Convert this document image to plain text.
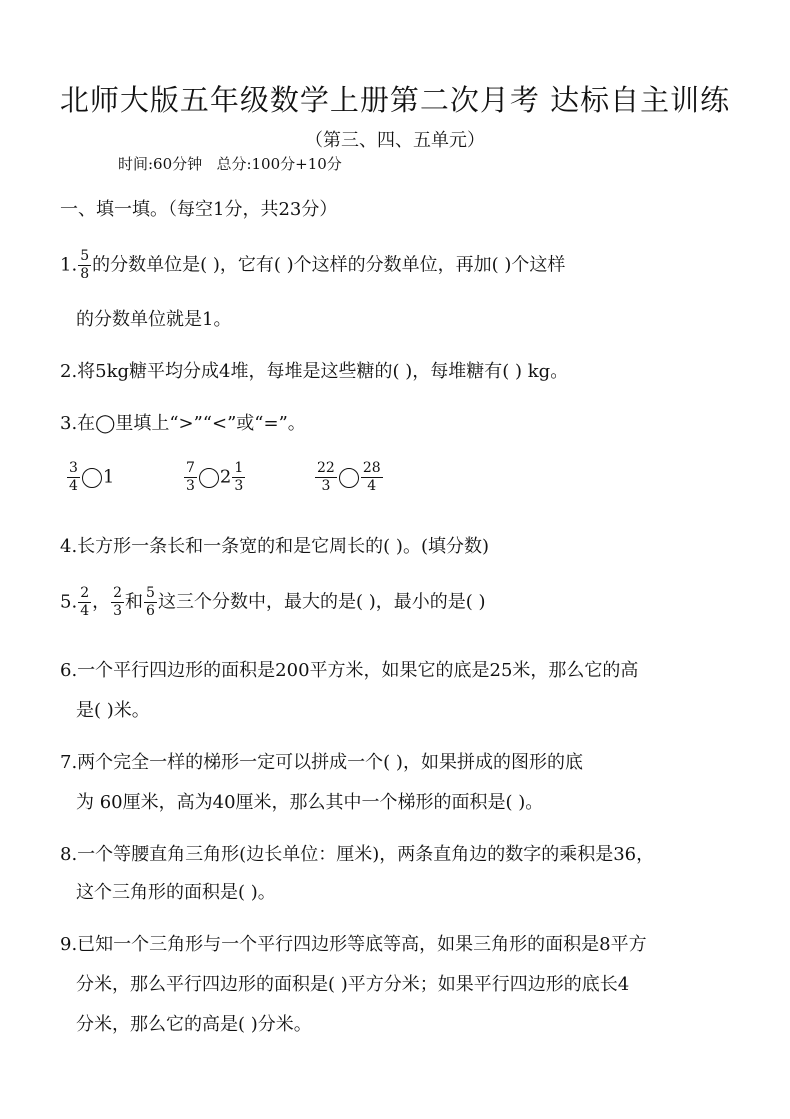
北师大版五年级数学上册第二次月考 达标自主训练
（第三、四、五单元）
时间:60分钟   总分:100分+10分
一、填一填。（每空1分，共23分）
1. $\frac{5}{8}$ 的分数单位是( )，它有( )个这样的分数单位，再加( )个这样
的分数单位就是1。
2.将5kg糖平均分成4堆，每堆是这些糖的( )，每堆糖有( ) kg。
3.在◯里填上“>”“<”或“=”。
$\frac{3}{4} 1$	$\frac{7}{3} 2 \frac{1}{3}$	$\frac{22}{3} \frac{28}{4}$
4.长方形一条长和一条宽的和是它周长的( )。(填分数)
5. $\frac{2}{4}$ ， $\frac{2}{3}$ 和 $\frac{5}{6}$ 这三个分数中，最大的是( )，最小的是( )
6.一个平行四边形的面积是200平方米，如果它的底是25米，那么它的高
是( )米。
7.两个完全一样的梯形一定可以拼成一个( )，如果拼成的图形的底
为 60厘米，高为40厘米，那么其中一个梯形的面积是( )。
8.一个等腰直角三角形(边长单位：厘米)，两条直角边的数字的乘积是36，
这个三角形的面积是( )。
9.已知一个三角形与一个平行四边形等底等高，如果三角形的面积是8平方
分米，那么平行四边形的面积是( )平方分米；如果平行四边形的底长4
分米，那么它的高是( )分米。
